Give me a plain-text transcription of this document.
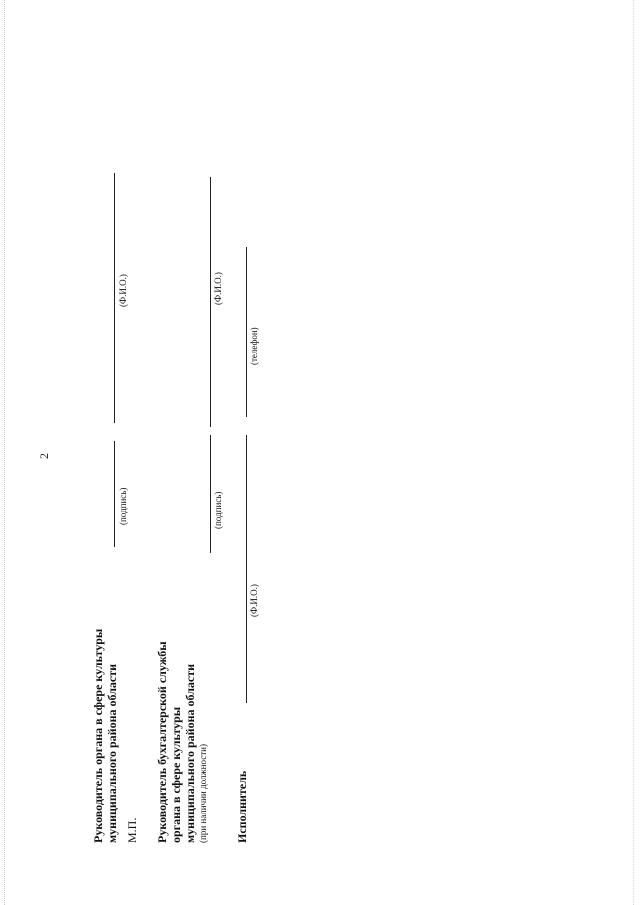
2
Руководитель органа в сфере культуры муниципального района области
(подпись)
(Ф.И.О.)
М.П. Руководитель бухгалтерской службы органа в сфере культуры муниципального района области (при наличии должности)
(подпись)
(Ф.И.О.)
Исполнитель
(Ф.И.О.)
(телефон)
